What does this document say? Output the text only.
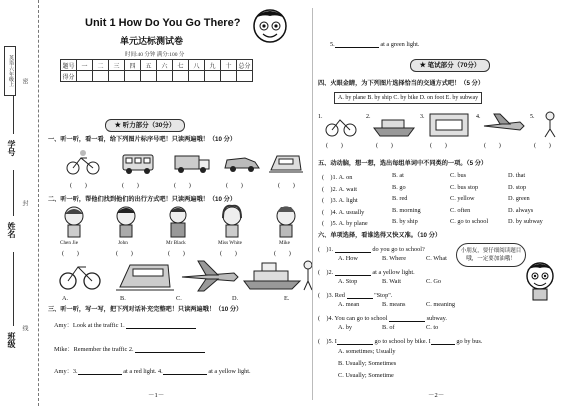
英语·六年级上
学号
姓名
班级
密
封
线
Unit 1 How Do You Go There?
单元达标测试卷
时间:40 分钟 满分:100 分
题号	一	二	三	四	五	六	七	八	九	十	总分
得分											
★ 听力部分（30分）
一、听一听，看一看，给下列图片标序号吧！只读两遍哦！（10 分）
(　　)	(　　)	(　　)	(　　)	(　　)
二、听一听，帮他们找到他们的出行方式吧！只读两遍哦！（10 分）
Chen Jie	John	Mr Black	Miss White	Mike
(　　)	(　　)	(　　)	(　　)	(　　)
A.	B.	C.	D.	E.
三、听一听，写一写，把下列对话补充完整吧！只读两遍哦！（10 分）
Amy：Look at the traffic 1.
Mike：Remember the traffic 2.
Amy：3.	at a red light. 4.	at a yellow light.
－1－
5.	at a green light.
★ 笔试部分（70分）
四、火眼金睛，为下列图片选择恰当的交通方式吧！（5 分）
A. by plane B. by ship C. by bike D. on foot E. by subway
1.	2.	3.	4.	5.
(　　)	(　　)	(　　)	(　　)	(　　)
五、动动脑，想一想，选出每组单词中不同类的一项。（5 分）
(　)1. A. on	B. at	C. bus	D. that
(　)2. A. wait	B. go	C. bus stop	D. stop
(　)3. A. light	B. red	C. yellow	D. green
(　)4. A. usually	B. morning	C. often	D. always
(　)5. A. by plane	B. by ship	C. go to school	D. by subway
六、单项选择，看谁选得又快又准。（10 分）
小朋友，要仔细阅读题目哦，一定要加油哦！
(　)1.	do you go to school?
A. How	B. Where	C. What
(　)2.	at a yellow light.
A. Stop	B. Wait	C. Go
(　)3. Red	"Stop".
A. mean	B. means	C. meaning
(　)4. You can go to school	subway.
A. by	B. of	C. to
(　)5. I	go to school by bike. I	go by bus.
A. sometimes; Usually
B. Usually; Sometimes
C. Usually; Sometime
－2－
